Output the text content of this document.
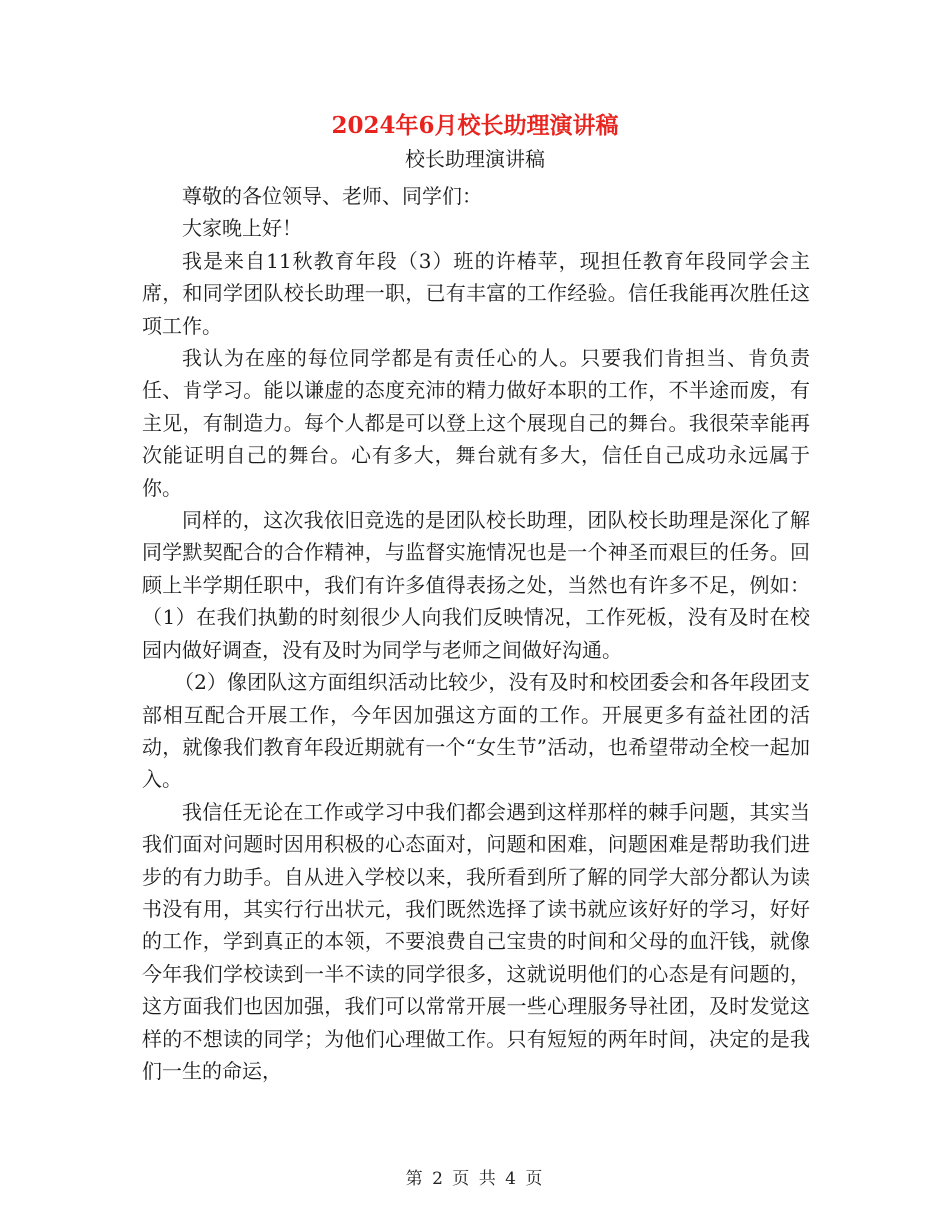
2024年6月校长助理演讲稿

校长助理演讲稿

尊敬的各位领导、老师、同学们：

大家晚上好！

我是来自11秋教育年段（3）班的许椿苹，现担任教育年段同学会主席，和同学团队校长助理一职，已有丰富的工作经验。信任我能再次胜任这项工作。

我认为在座的每位同学都是有责任心的人。只要我们肯担当、肯负责任、肯学习。能以谦虚的态度充沛的精力做好本职的工作，不半途而废，有主见，有制造力。每个人都是可以登上这个展现自己的舞台。我很荣幸能再次能证明自己的舞台。心有多大，舞台就有多大，信任自己成功永远属于你。

同样的，这次我依旧竞选的是团队校长助理，团队校长助理是深化了解同学默契配合的合作精神，与监督实施情况也是一个神圣而艰巨的任务。回顾上半学期任职中，我们有许多值得表扬之处，当然也有许多不足，例如：（1）在我们执勤的时刻很少人向我们反映情况，工作死板，没有及时在校园内做好调查，没有及时为同学与老师之间做好沟通。

（2）像团队这方面组织活动比较少，没有及时和校团委会和各年段团支部相互配合开展工作，今年因加强这方面的工作。开展更多有益社团的活动，就像我们教育年段近期就有一个“女生节”活动，也希望带动全校一起加入。

我信任无论在工作或学习中我们都会遇到这样那样的棘手问题，其实当我们面对问题时因用积极的心态面对，问题和困难，问题困难是帮助我们进步的有力助手。自从进入学校以来，我所看到所了解的同学大部分都认为读书没有用，其实行行出状元，我们既然选择了读书就应该好好的学习，好好的工作，学到真正的本领，不要浪费自己宝贵的时间和父母的血汗钱，就像今年我们学校读到一半不读的同学很多，这就说明他们的心态是有问题的，这方面我们也因加强，我们可以常常开展一些心理服务导社团，及时发觉这样的不想读的同学；为他们心理做工作。只有短短的两年时间，决定的是我们一生的命运，

第 2 页 共 4 页
